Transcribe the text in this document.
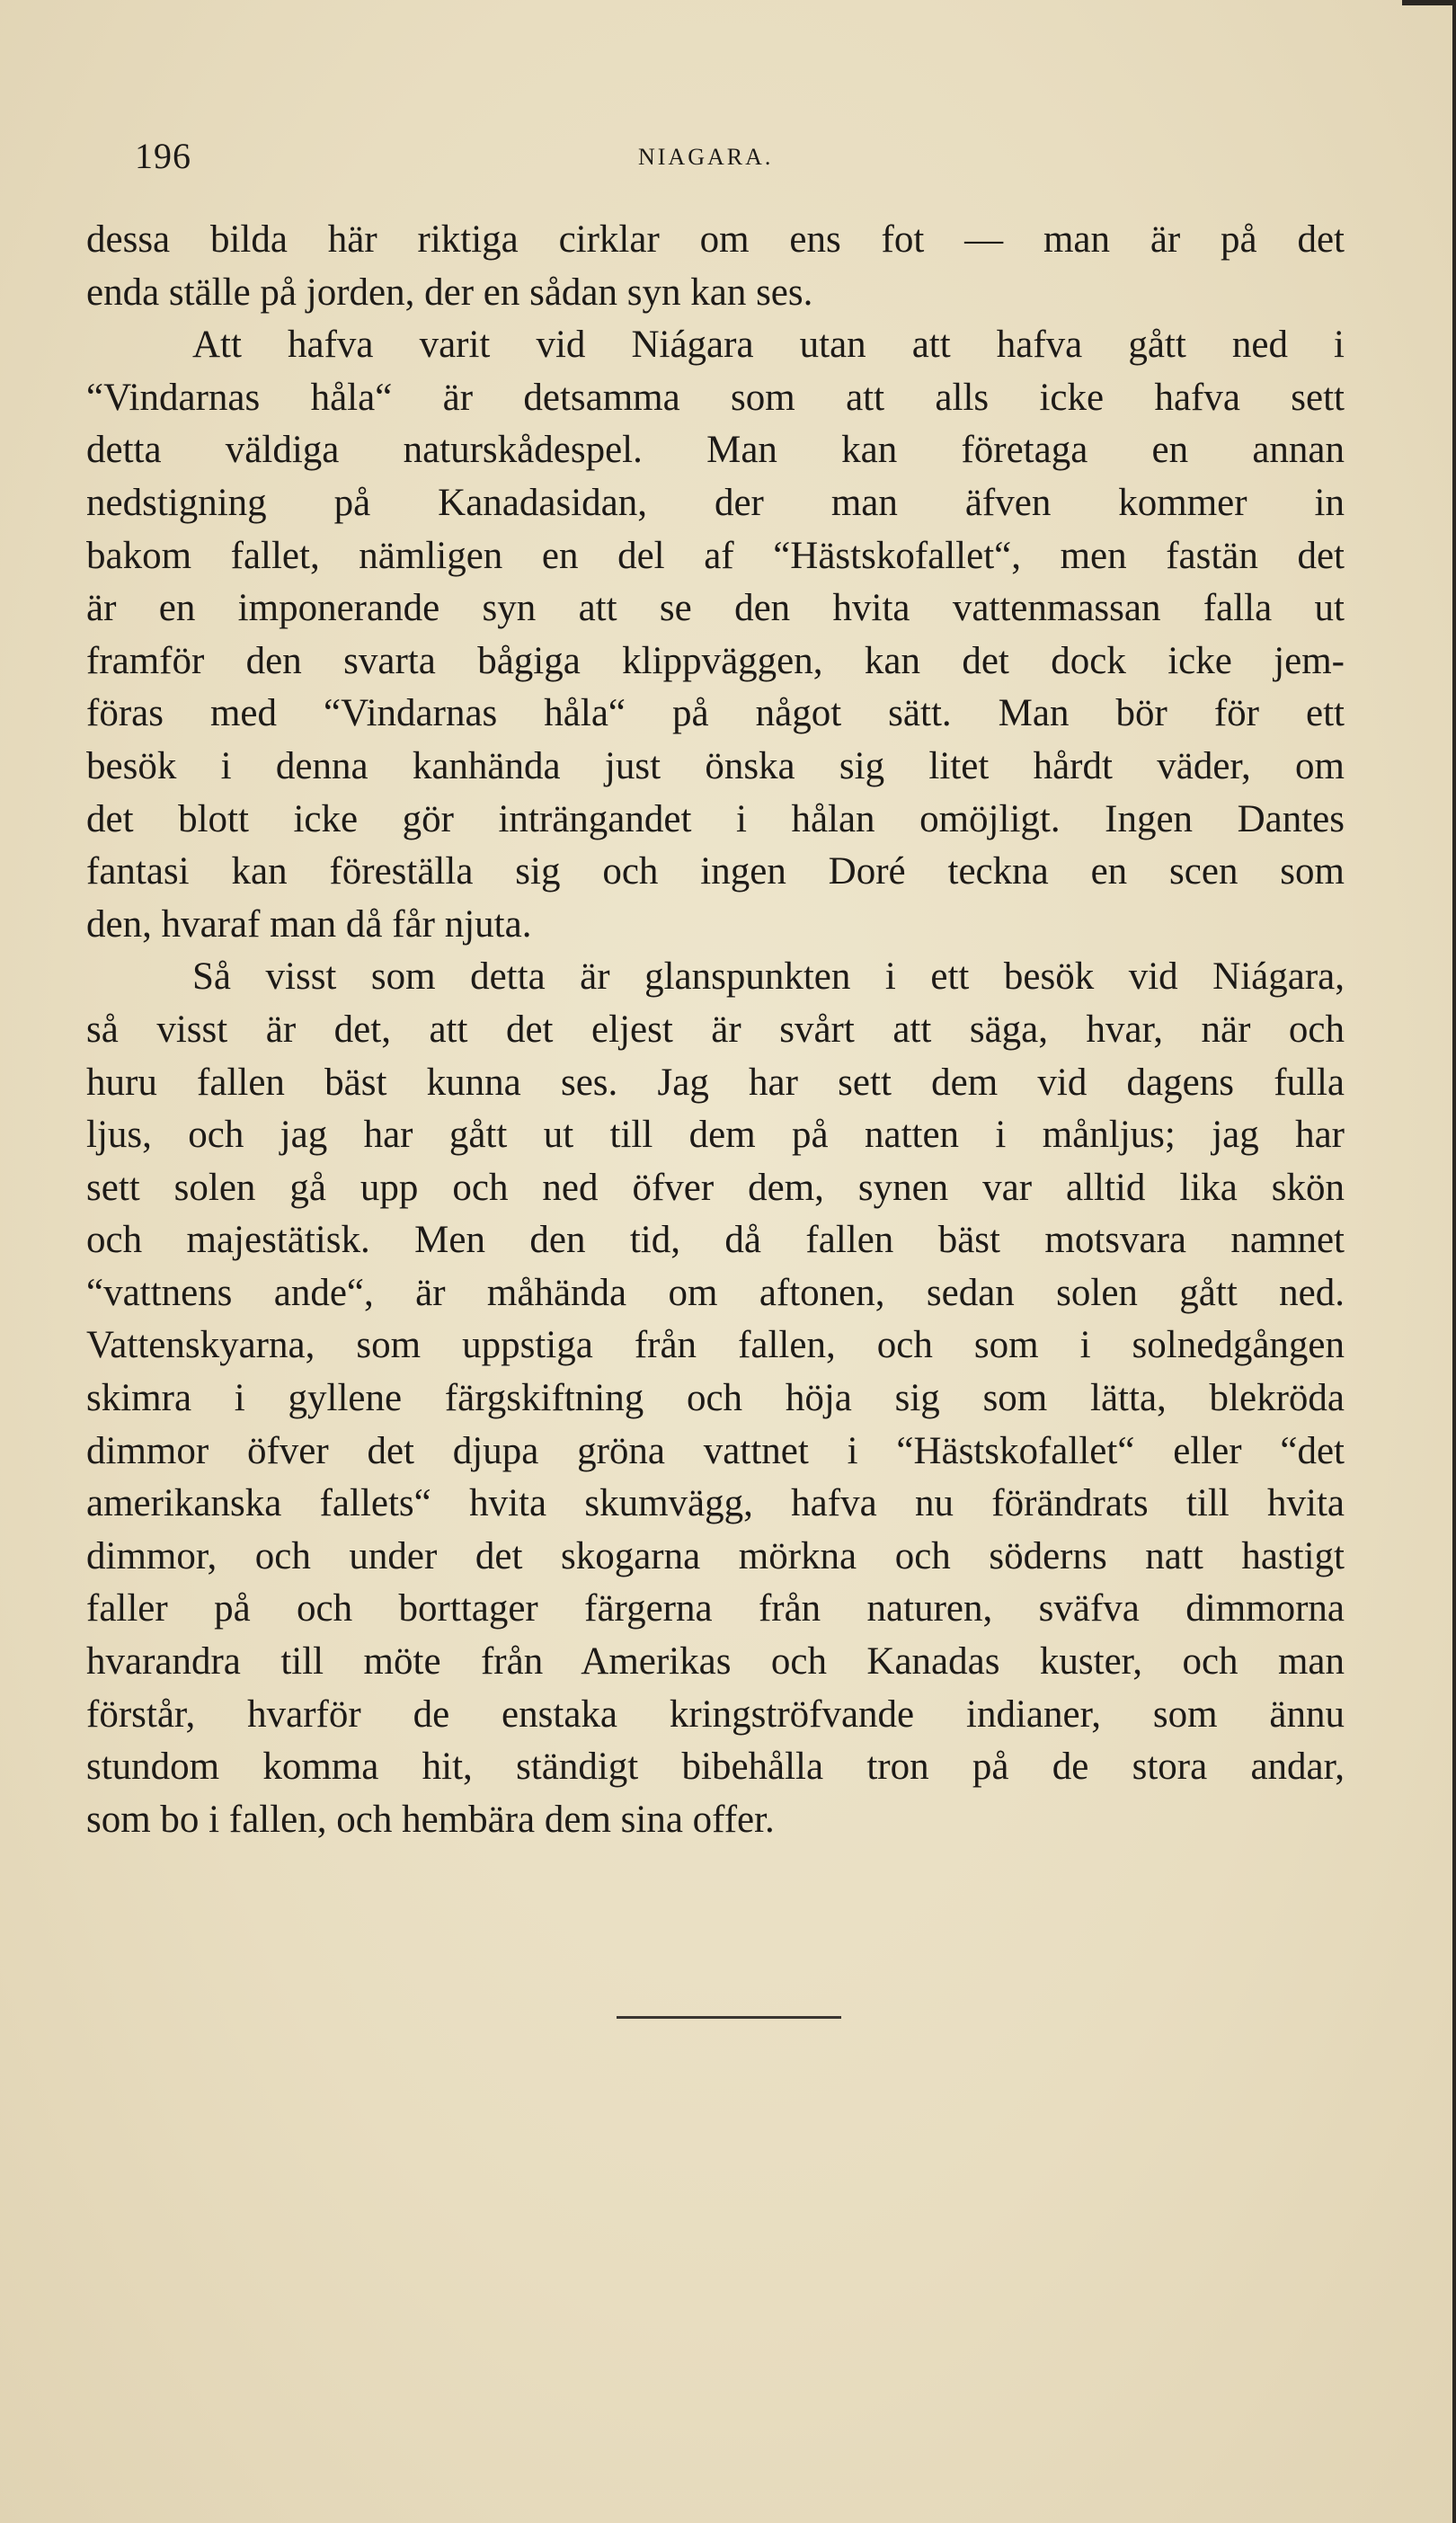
196	NIAGARA.
dessa bilda här riktiga cirklar om ens fot — man är på det
enda ställe på jorden, der en sådan syn kan ses.
Att hafva varit vid Niágara utan att hafva gått ned i
“Vindarnas håla“ är detsamma som att alls icke hafva sett
detta väldiga naturskådespel. Man kan företaga en annan
nedstigning på Kanadasidan, der man äfven kommer in
bakom fallet, nämligen en del af “Hästskofallet“, men fastän det
är en imponerande syn att se den hvita vattenmassan falla ut
framför den svarta bågiga klippväggen, kan det dock icke jem-
föras med “Vindarnas håla“ på något sätt. Man bör för ett
besök i denna kanhända just önska sig litet hårdt väder, om
det blott icke gör inträngandet i hålan omöjligt. Ingen Dantes
fantasi kan föreställa sig och ingen Doré teckna en scen som
den, hvaraf man då får njuta.
Så visst som detta är glanspunkten i ett besök vid Niágara,
så visst är det, att det eljest är svårt att säga, hvar, när och
huru fallen bäst kunna ses. Jag har sett dem vid dagens fulla
ljus, och jag har gått ut till dem på natten i månljus; jag har
sett solen gå upp och ned öfver dem, synen var alltid lika skön
och majestätisk. Men den tid, då fallen bäst motsvara namnet
“vattnens ande“, är måhända om aftonen, sedan solen gått ned.
Vattenskyarna, som uppstiga från fallen, och som i solnedgången
skimra i gyllene färgskiftning och höja sig som lätta, blekröda
dimmor öfver det djupa gröna vattnet i “Hästskofallet“ eller “det
amerikanska fallets“ hvita skumvägg, hafva nu förändrats till hvita
dimmor, och under det skogarna mörkna och söderns natt hastigt
faller på och borttager färgerna från naturen, sväfva dimmorna
hvarandra till möte från Amerikas och Kanadas kuster, och man
förstår, hvarför de enstaka kringströfvande indianer, som ännu
stundom komma hit, ständigt bibehålla tron på de stora andar,
som bo i fallen, och hembära dem sina offer.
